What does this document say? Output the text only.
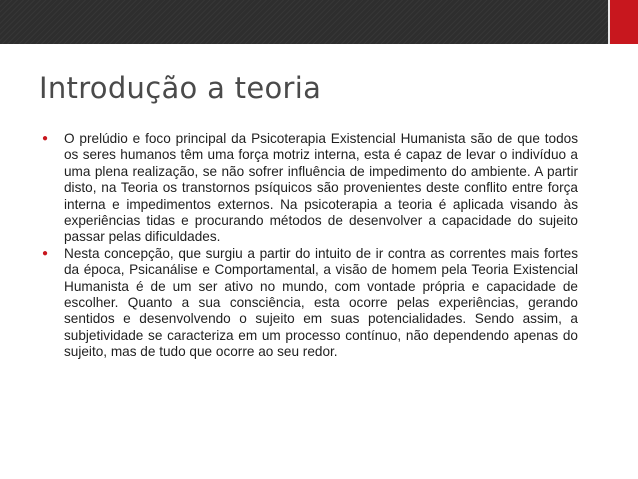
Introdução a teoria
●	O prelúdio e foco principal da Psicoterapia Existencial Humanista são de que todos os seres humanos têm uma força motriz interna, esta é capaz de levar o indivíduo a uma plena realização, se não sofrer influência de impedimento do ambiente. A partir disto, na Teoria os transtornos psíquicos são provenientes deste conflito entre força interna e impedimentos externos. Na psicoterapia a teoria é aplicada visando às experiências tidas e procurando métodos de desenvolver a capacidade do sujeito passar pelas dificuldades.
●	Nesta concepção, que surgiu a partir do intuito de ir contra as correntes mais fortes da época, Psicanálise e Comportamental, a visão de homem pela Teoria Existencial Humanista é de um ser ativo no mundo, com vontade própria e capacidade de escolher. Quanto a sua consciência, esta ocorre pelas experiências, gerando sentidos e desenvolvendo o sujeito em suas potencialidades. Sendo assim, a subjetividade se caracteriza em um processo contínuo, não dependendo apenas do sujeito, mas de tudo que ocorre ao seu redor.
